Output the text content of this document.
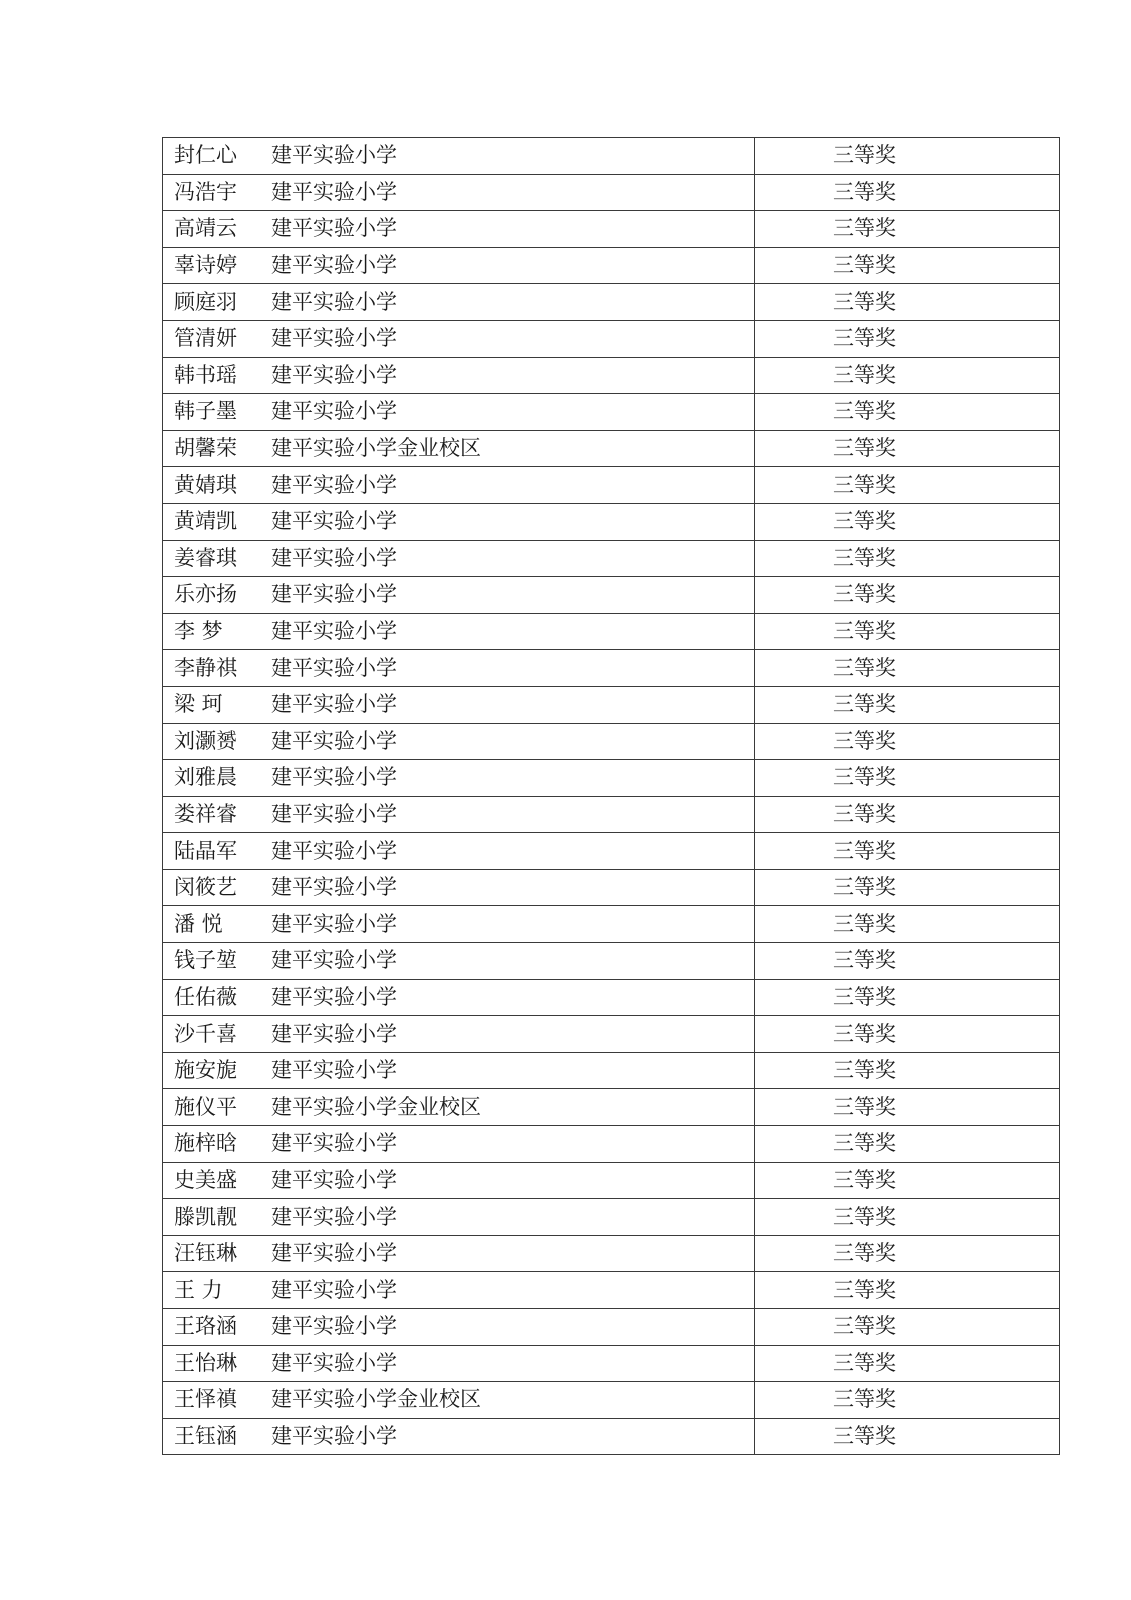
封仁心 建平实验小学	三等奖
冯浩宇 建平实验小学	三等奖
高靖云 建平实验小学	三等奖
辜诗婷 建平实验小学	三等奖
顾庭羽 建平实验小学	三等奖
管清妍 建平实验小学	三等奖
韩书瑶 建平实验小学	三等奖
韩子墨 建平实验小学	三等奖
胡馨荣 建平实验小学金业校区	三等奖
黄婧琪 建平实验小学	三等奖
黄靖凯 建平实验小学	三等奖
姜睿琪 建平实验小学	三等奖
乐亦扬 建平实验小学	三等奖
李 梦 建平实验小学	三等奖
李静祺 建平实验小学	三等奖
梁 珂 建平实验小学	三等奖
刘灏赟 建平实验小学	三等奖
刘雅晨 建平实验小学	三等奖
娄祥睿 建平实验小学	三等奖
陆晶军 建平实验小学	三等奖
闵筱艺 建平实验小学	三等奖
潘 悦 建平实验小学	三等奖
钱子堃 建平实验小学	三等奖
任佑薇 建平实验小学	三等奖
沙千喜 建平实验小学	三等奖
施安旎 建平实验小学	三等奖
施仪平 建平实验小学金业校区	三等奖
施梓晗 建平实验小学	三等奖
史美盛 建平实验小学	三等奖
滕凯靓 建平实验小学	三等奖
汪钰琳 建平实验小学	三等奖
王 力 建平实验小学	三等奖
王珞涵 建平实验小学	三等奖
王怡琳 建平实验小学	三等奖
王怿禛 建平实验小学金业校区	三等奖
王钰涵 建平实验小学	三等奖
